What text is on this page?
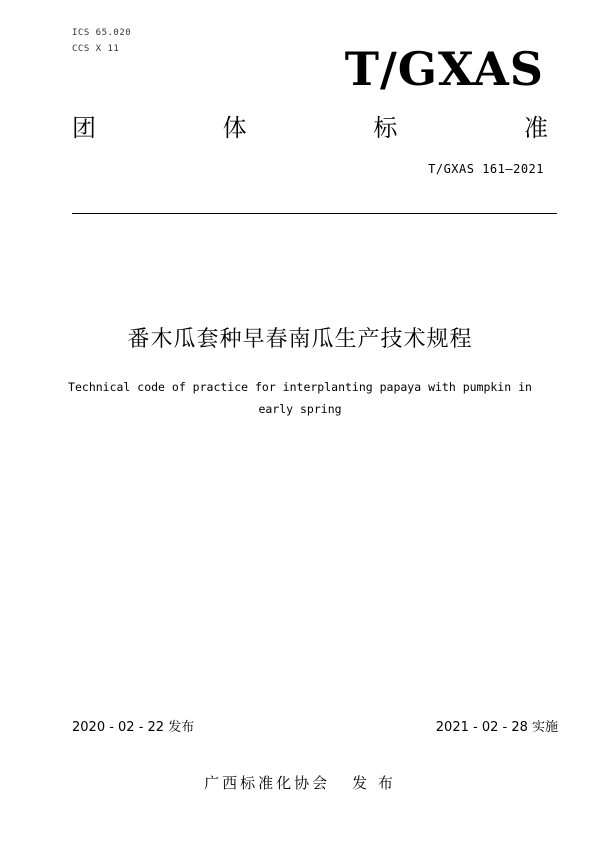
ICS 65.020
CCS X 11	T/GXAS
团	体	标	准
T/GXAS 161—2021
番木瓜套种早春南瓜生产技术规程
Technical code of practice for interplanting papaya with pumpkin in early spring
2020 - 02 - 22 发布	2021 - 02 - 28 实施
广西标准化协会 发 布
